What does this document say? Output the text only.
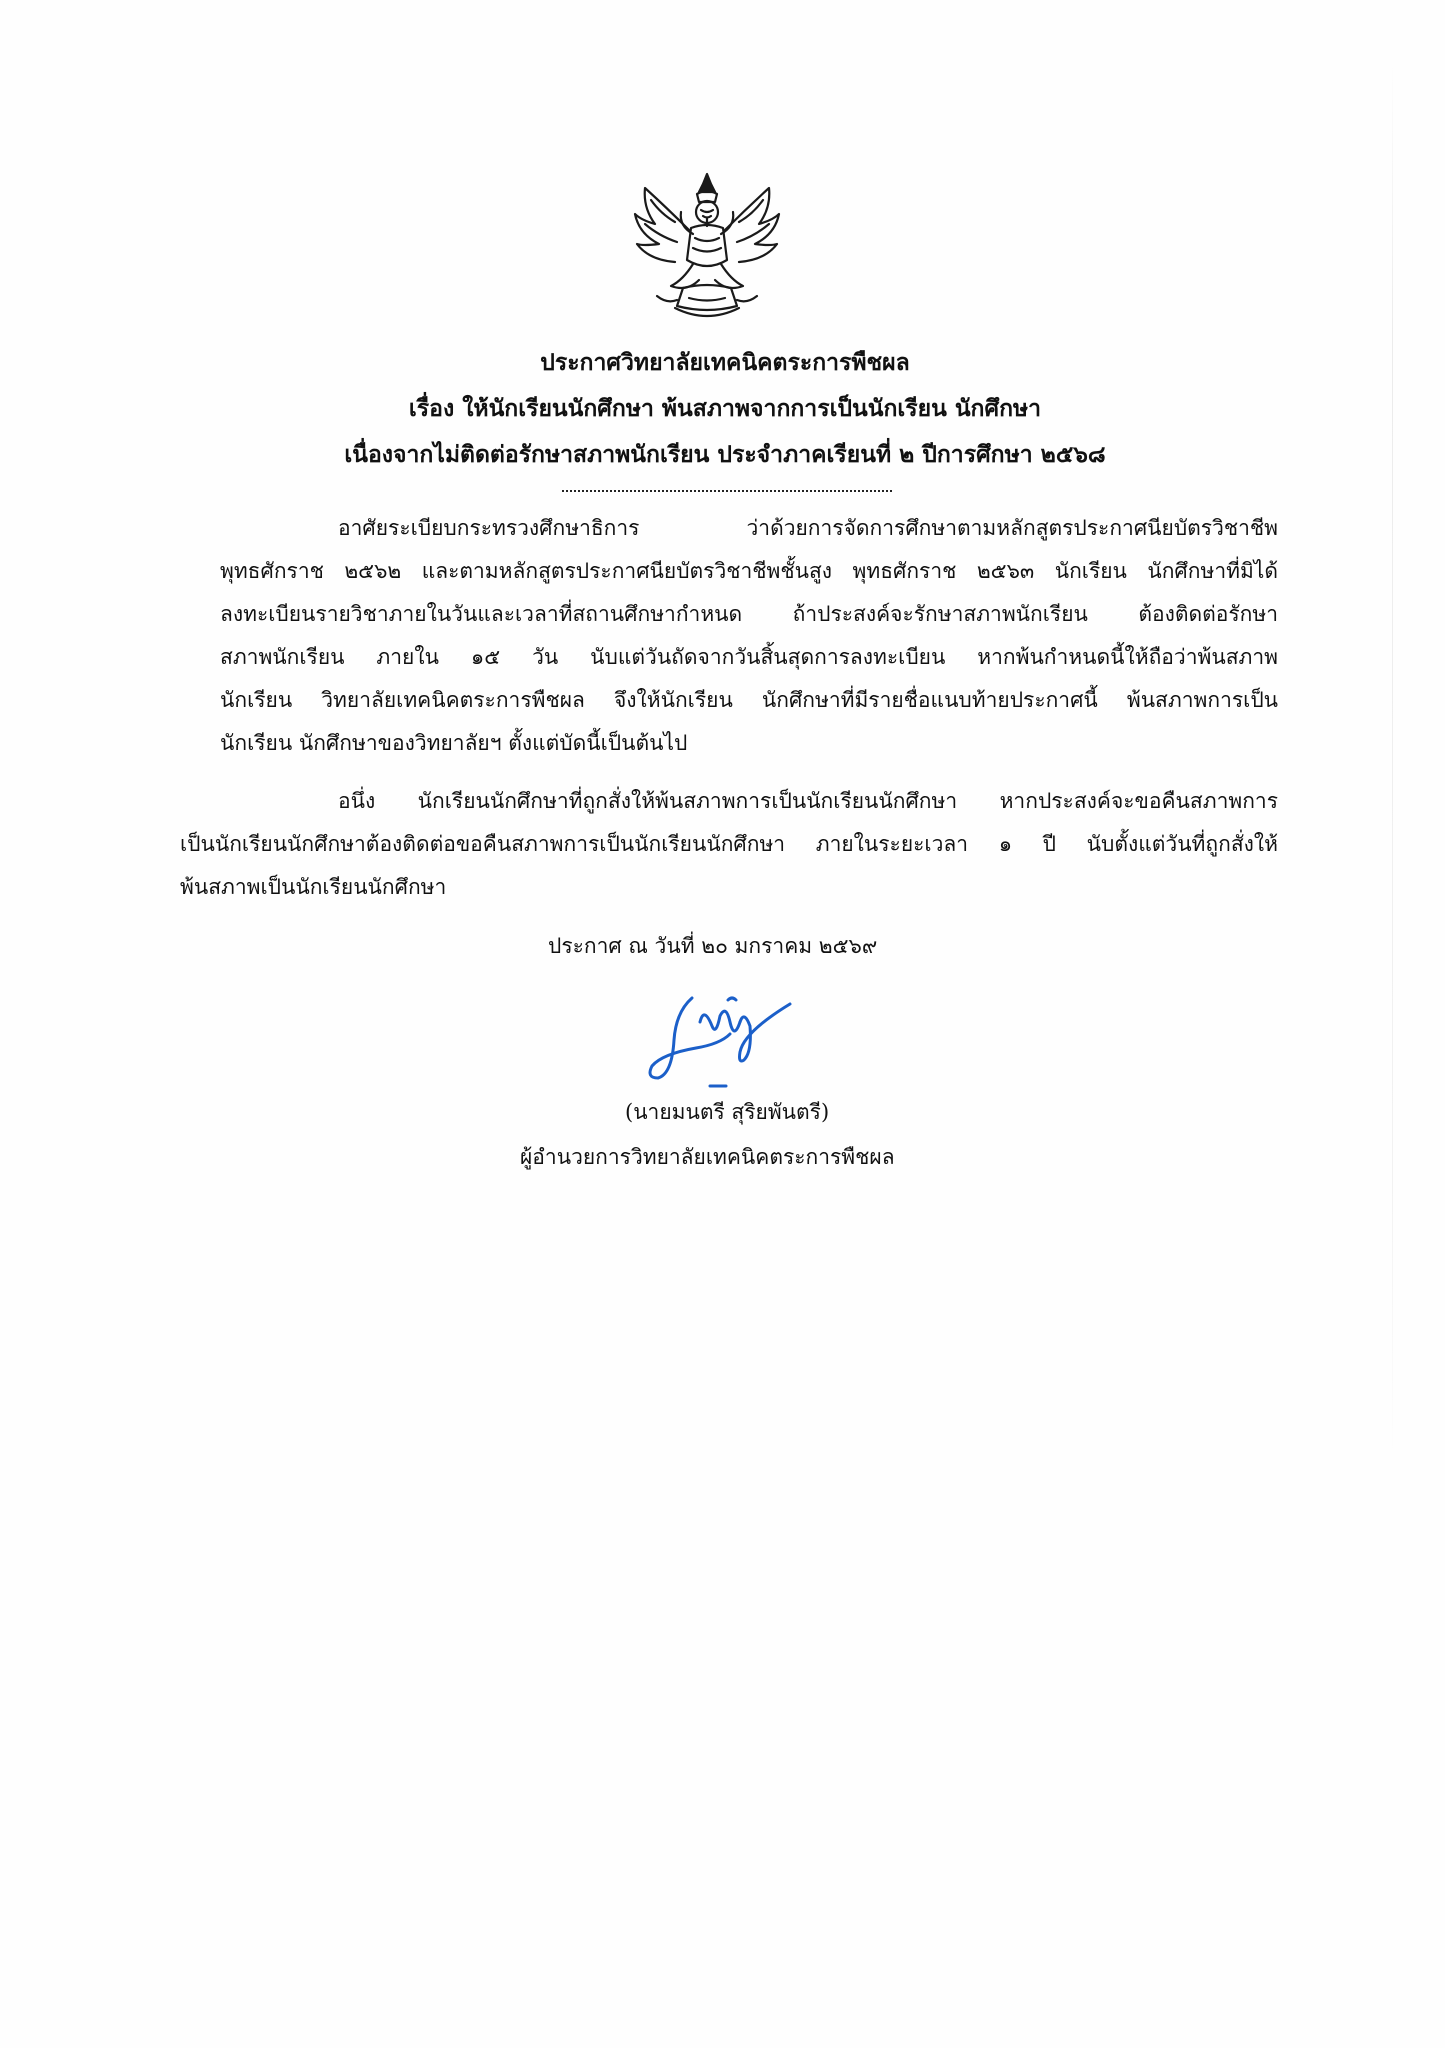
ประกาศวิทยาลัยเทคนิคตระการพืชผล
เรื่อง ให้นักเรียนนักศึกษา พ้นสภาพจากการเป็นนักเรียน นักศึกษา
เนื่องจากไม่ติดต่อรักษาสภาพนักเรียน ประจำภาคเรียนที่ ๒ ปีการศึกษา ๒๕๖๘
อาศัยระเบียบกระทรวงศึกษาธิการ ว่าด้วยการจัดการศึกษาตามหลักสูตรประกาศนียบัตรวิชาชีพ
พุทธศักราช ๒๕๖๒ และตามหลักสูตรประกาศนียบัตรวิชาชีพชั้นสูง พุทธศักราช ๒๕๖๓ นักเรียน นักศึกษาที่มิได้
ลงทะเบียนรายวิชาภายในวันและเวลาที่สถานศึกษากำหนด ถ้าประสงค์จะรักษาสภาพนักเรียน ต้องติดต่อรักษา
สภาพนักเรียน ภายใน ๑๕ วัน นับแต่วันถัดจากวันสิ้นสุดการลงทะเบียน หากพ้นกำหนดนี้ให้ถือว่าพ้นสภาพ
นักเรียน วิทยาลัยเทคนิคตระการพืชผล จึงให้นักเรียน นักศึกษาที่มีรายชื่อแนบท้ายประกาศนี้ พ้นสภาพการเป็น
นักเรียน นักศึกษาของวิทยาลัยฯ ตั้งแต่บัดนี้เป็นต้นไป
อนึ่ง นักเรียนนักศึกษาที่ถูกสั่งให้พ้นสภาพการเป็นนักเรียนนักศึกษา หากประสงค์จะขอคืนสภาพการ
เป็นนักเรียนนักศึกษาต้องติดต่อขอคืนสภาพการเป็นนักเรียนนักศึกษา ภายในระยะเวลา ๑ ปี นับตั้งแต่วันที่ถูกสั่งให้
พ้นสภาพเป็นนักเรียนนักศึกษา
ประกาศ ณ วันที่ ๒๐ มกราคม ๒๕๖๙
(นายมนตรี สุริยพันตรี)
ผู้อำนวยการวิทยาลัยเทคนิคตระการพืชผล
